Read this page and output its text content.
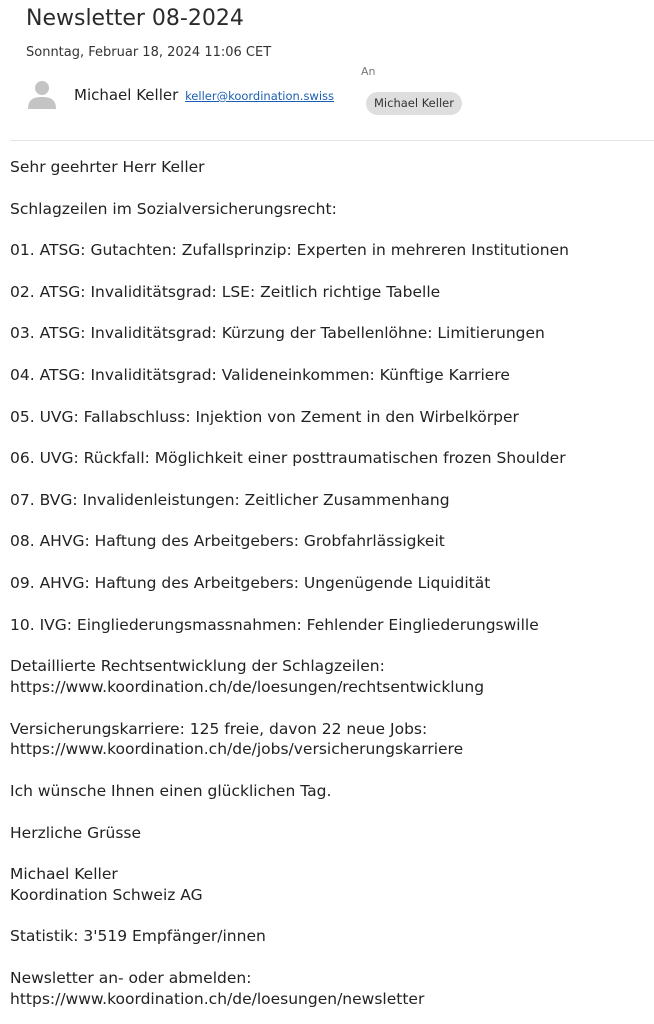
Newsletter 08-2024
Sonntag, Februar 18, 2024 11:06 CET
Michael Keller keller@koordination.swiss
An
Michael Keller
Sehr geehrter Herr Keller
Schlagzeilen im Sozialversicherungsrecht:
01. ATSG: Gutachten: Zufallsprinzip: Experten in mehreren Institutionen
02. ATSG: Invaliditätsgrad: LSE: Zeitlich richtige Tabelle
03. ATSG: Invaliditätsgrad: Kürzung der Tabellenlöhne: Limitierungen
04. ATSG: Invaliditätsgrad: Valideneinkommen: Künftige Karriere
05. UVG: Fallabschluss: Injektion von Zement in den Wirbelkörper
06. UVG: Rückfall: Möglichkeit einer posttraumatischen frozen Shoulder
07. BVG: Invalidenleistungen: Zeitlicher Zusammenhang
08. AHVG: Haftung des Arbeitgebers: Grobfahrlässigkeit
09. AHVG: Haftung des Arbeitgebers: Ungenügende Liquidität
10. IVG: Eingliederungsmassnahmen: Fehlender Eingliederungswille
Detaillierte Rechtsentwicklung der Schlagzeilen:
https://www.koordination.ch/de/loesungen/rechtsentwicklung
Versicherungskarriere: 125 freie, davon 22 neue Jobs:
https://www.koordination.ch/de/jobs/versicherungskarriere
Ich wünsche Ihnen einen glücklichen Tag.
Herzliche Grüsse
Michael Keller
Koordination Schweiz AG
Statistik: 3'519 Empfänger/innen
Newsletter an- oder abmelden:
https://www.koordination.ch/de/loesungen/newsletter
